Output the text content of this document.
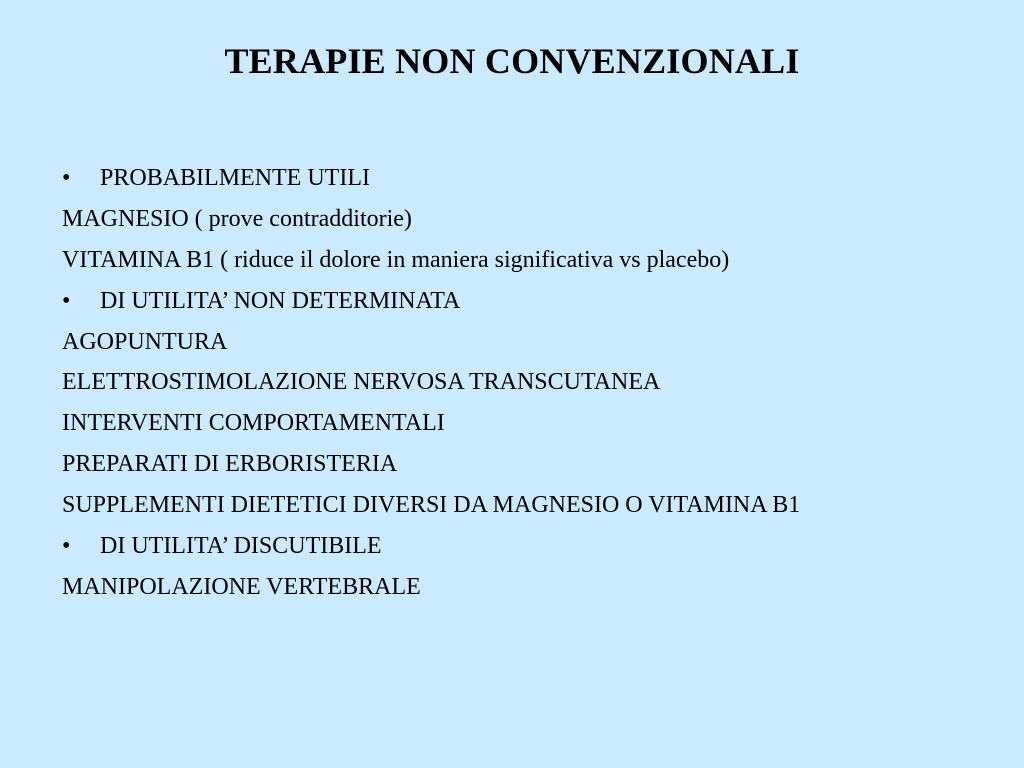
TERAPIE NON CONVENZIONALI
•	PROBABILMENTE UTILI
MAGNESIO ( prove contradditorie)
VITAMINA B1 ( riduce il dolore in maniera significativa vs placebo)
•	DI UTILITA’ NON DETERMINATA
AGOPUNTURA
ELETTROSTIMOLAZIONE NERVOSA TRANSCUTANEA
INTERVENTI COMPORTAMENTALI
PREPARATI DI ERBORISTERIA
SUPPLEMENTI DIETETICI DIVERSI DA MAGNESIO O VITAMINA B1
•	DI UTILITA’ DISCUTIBILE
MANIPOLAZIONE VERTEBRALE
